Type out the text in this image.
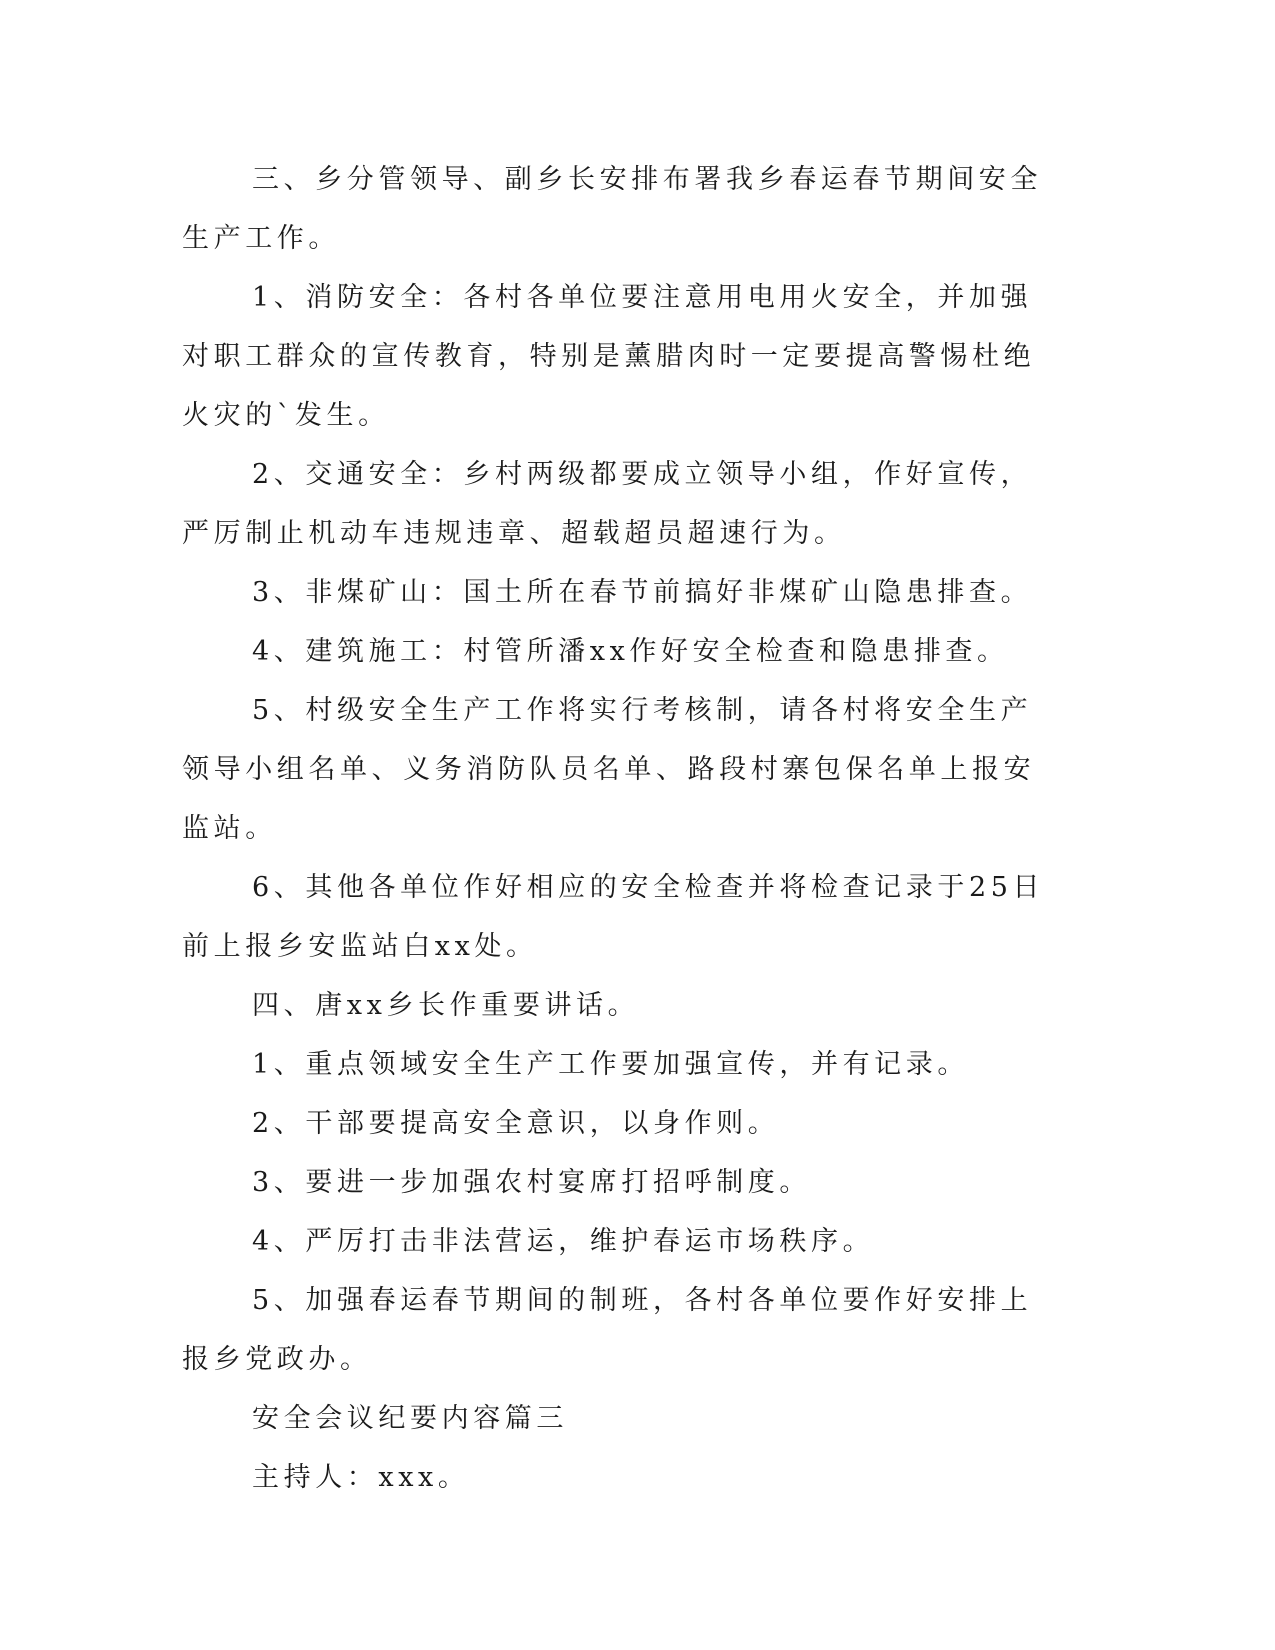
三、乡分管领导、副乡长安排布署我乡春运春节期间安全生产工作。

1、消防安全：各村各单位要注意用电用火安全，并加强对职工群众的宣传教育，特别是薰腊肉时一定要提高警惕杜绝火灾的`发生。

2、交通安全：乡村两级都要成立领导小组，作好宣传，严厉制止机动车违规违章、超载超员超速行为。

3、非煤矿山：国土所在春节前搞好非煤矿山隐患排查。

4、建筑施工：村管所潘xx作好安全检查和隐患排查。

5、村级安全生产工作将实行考核制，请各村将安全生产领导小组名单、义务消防队员名单、路段村寨包保名单上报安监站。

6、其他各单位作好相应的安全检查并将检查记录于25日前上报乡安监站白xx处。

四、唐xx乡长作重要讲话。

1、重点领域安全生产工作要加强宣传，并有记录。

2、干部要提高安全意识，以身作则。

3、要进一步加强农村宴席打招呼制度。

4、严厉打击非法营运，维护春运市场秩序。

5、加强春运春节期间的制班，各村各单位要作好安排上报乡党政办。

安全会议纪要内容篇三

主持人：xxx。
